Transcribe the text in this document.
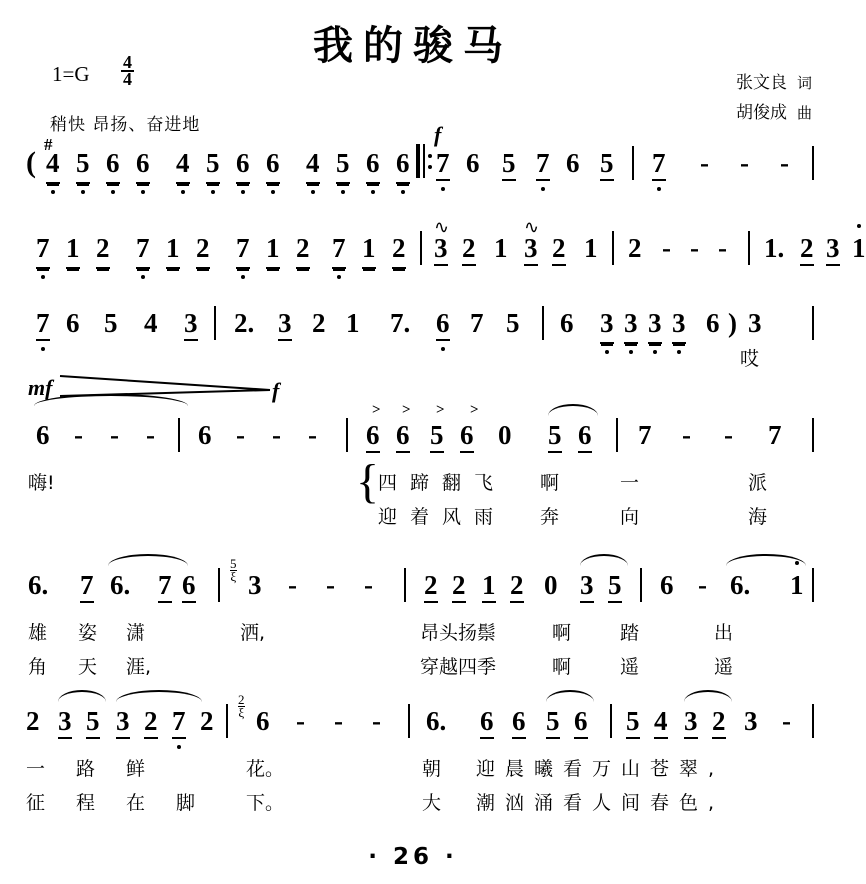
我的骏马
$1=G \frac{4}{4}$
稍快 昂扬、奋进地
张文良 词
胡俊成 曲
(
#
4 5 6 6 4 5 6 6 4 5 6 6
f
7 6 5 7 6 5 7 - - -
7 1 2 7 1 2 7 1 2 7 1 2
∿
3 2 1
∿
3 2 1 2 - - - 1. 2 3 1
7 6 5 4 3 2. 3 2 1 7. 6 7 5 6 3 3 3 3 6 ) 3
哎
mf	f
6 - - - 6 - - -
> > > >
6 6 5 6 0 5 6 7 - - 7
嗨!	{
四 蹄 翻 飞 啊	一	派
迎 着 风 雨 奔	向	海
6. 7 6. 7 6
5
ξ 3 - - - 2 2 1 2 0 3 5 6 - 6. 1
雄 姿 潇	洒,	昂头扬鬃	啊	踏	出
角 天 涯,	穿越四季	啊	遥	遥
2 3 5 3 2 7 2
2
ξ 6 - - - 6. 6 6 5 6 5 4 3 2 3 -
一 路 鲜	花。	朝 迎晨曦看万山苍翠,
征 程 在 脚	下。	大 潮汹涌看人间春色,
· 26 ·
